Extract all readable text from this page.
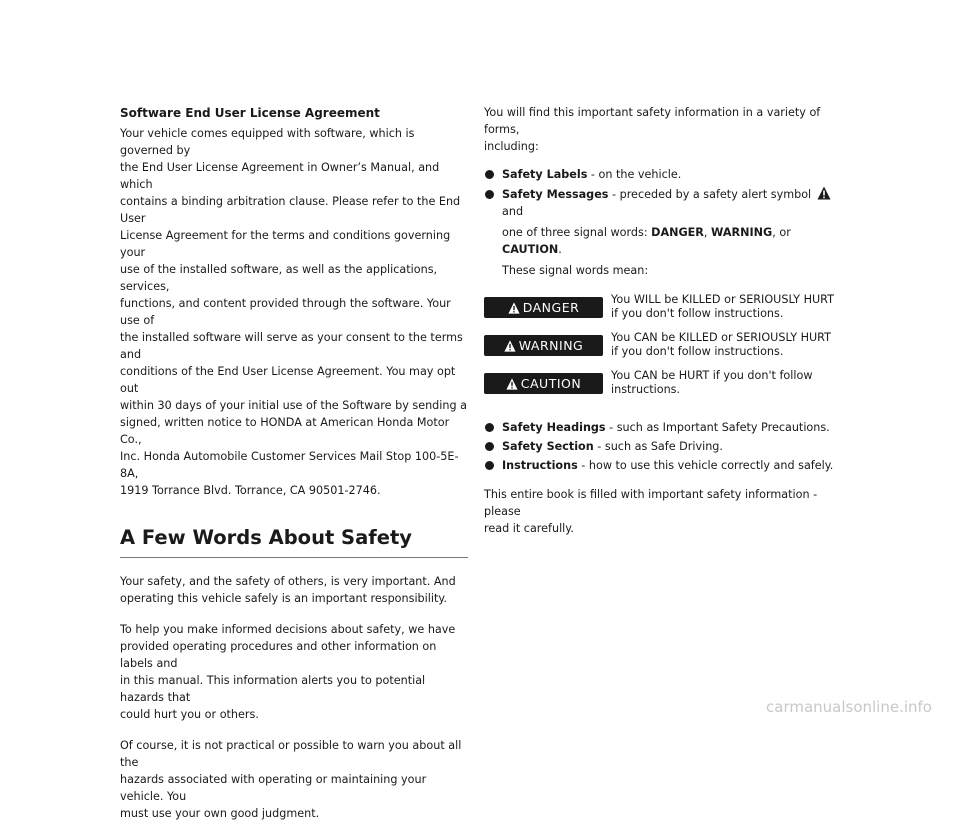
Software End User License Agreement

Your vehicle comes equipped with software, which is governed by
the End User License Agreement in Owner’s Manual, and which
contains a binding arbitration clause. Please refer to the End User
License Agreement for the terms and conditions governing your
use of the installed software, as well as the applications, services,
functions, and content provided through the software. Your use of
the installed software will serve as your consent to the terms and
conditions of the End User License Agreement. You may opt out
within 30 days of your initial use of the Software by sending a
signed, written notice to HONDA at American Honda Motor Co.,
Inc. Honda Automobile Customer Services Mail Stop 100-5E-8A,
1919 Torrance Blvd. Torrance, CA 90501-2746.

A Few Words About Safety

Your safety, and the safety of others, is very important. And
operating this vehicle safely is an important responsibility.

To help you make informed decisions about safety, we have
provided operating procedures and other information on labels and
in this manual. This information alerts you to potential hazards that
could hurt you or others.

Of course, it is not practical or possible to warn you about all the
hazards associated with operating or maintaining your vehicle. You
must use your own good judgment.

You will find this important safety information in a variety of forms,
including:

Safety Labels - on the vehicle.
Safety Messages - preceded by a safety alert symbol  and
one of three signal words: DANGER, WARNING, or CAUTION.
These signal words mean:
DANGER
You WILL be KILLED or SERIOUSLY HURT if you don't follow instructions.
WARNING
You CAN be KILLED or SERIOUSLY HURT if you don't follow instructions.
CAUTION
You CAN be HURT if you don't follow instructions.
Safety Headings - such as Important Safety Precautions.
Safety Section - such as Safe Driving.
Instructions - how to use this vehicle correctly and safely.

This entire book is filled with important safety information - please
read it carefully.

carmanualsonline.info
